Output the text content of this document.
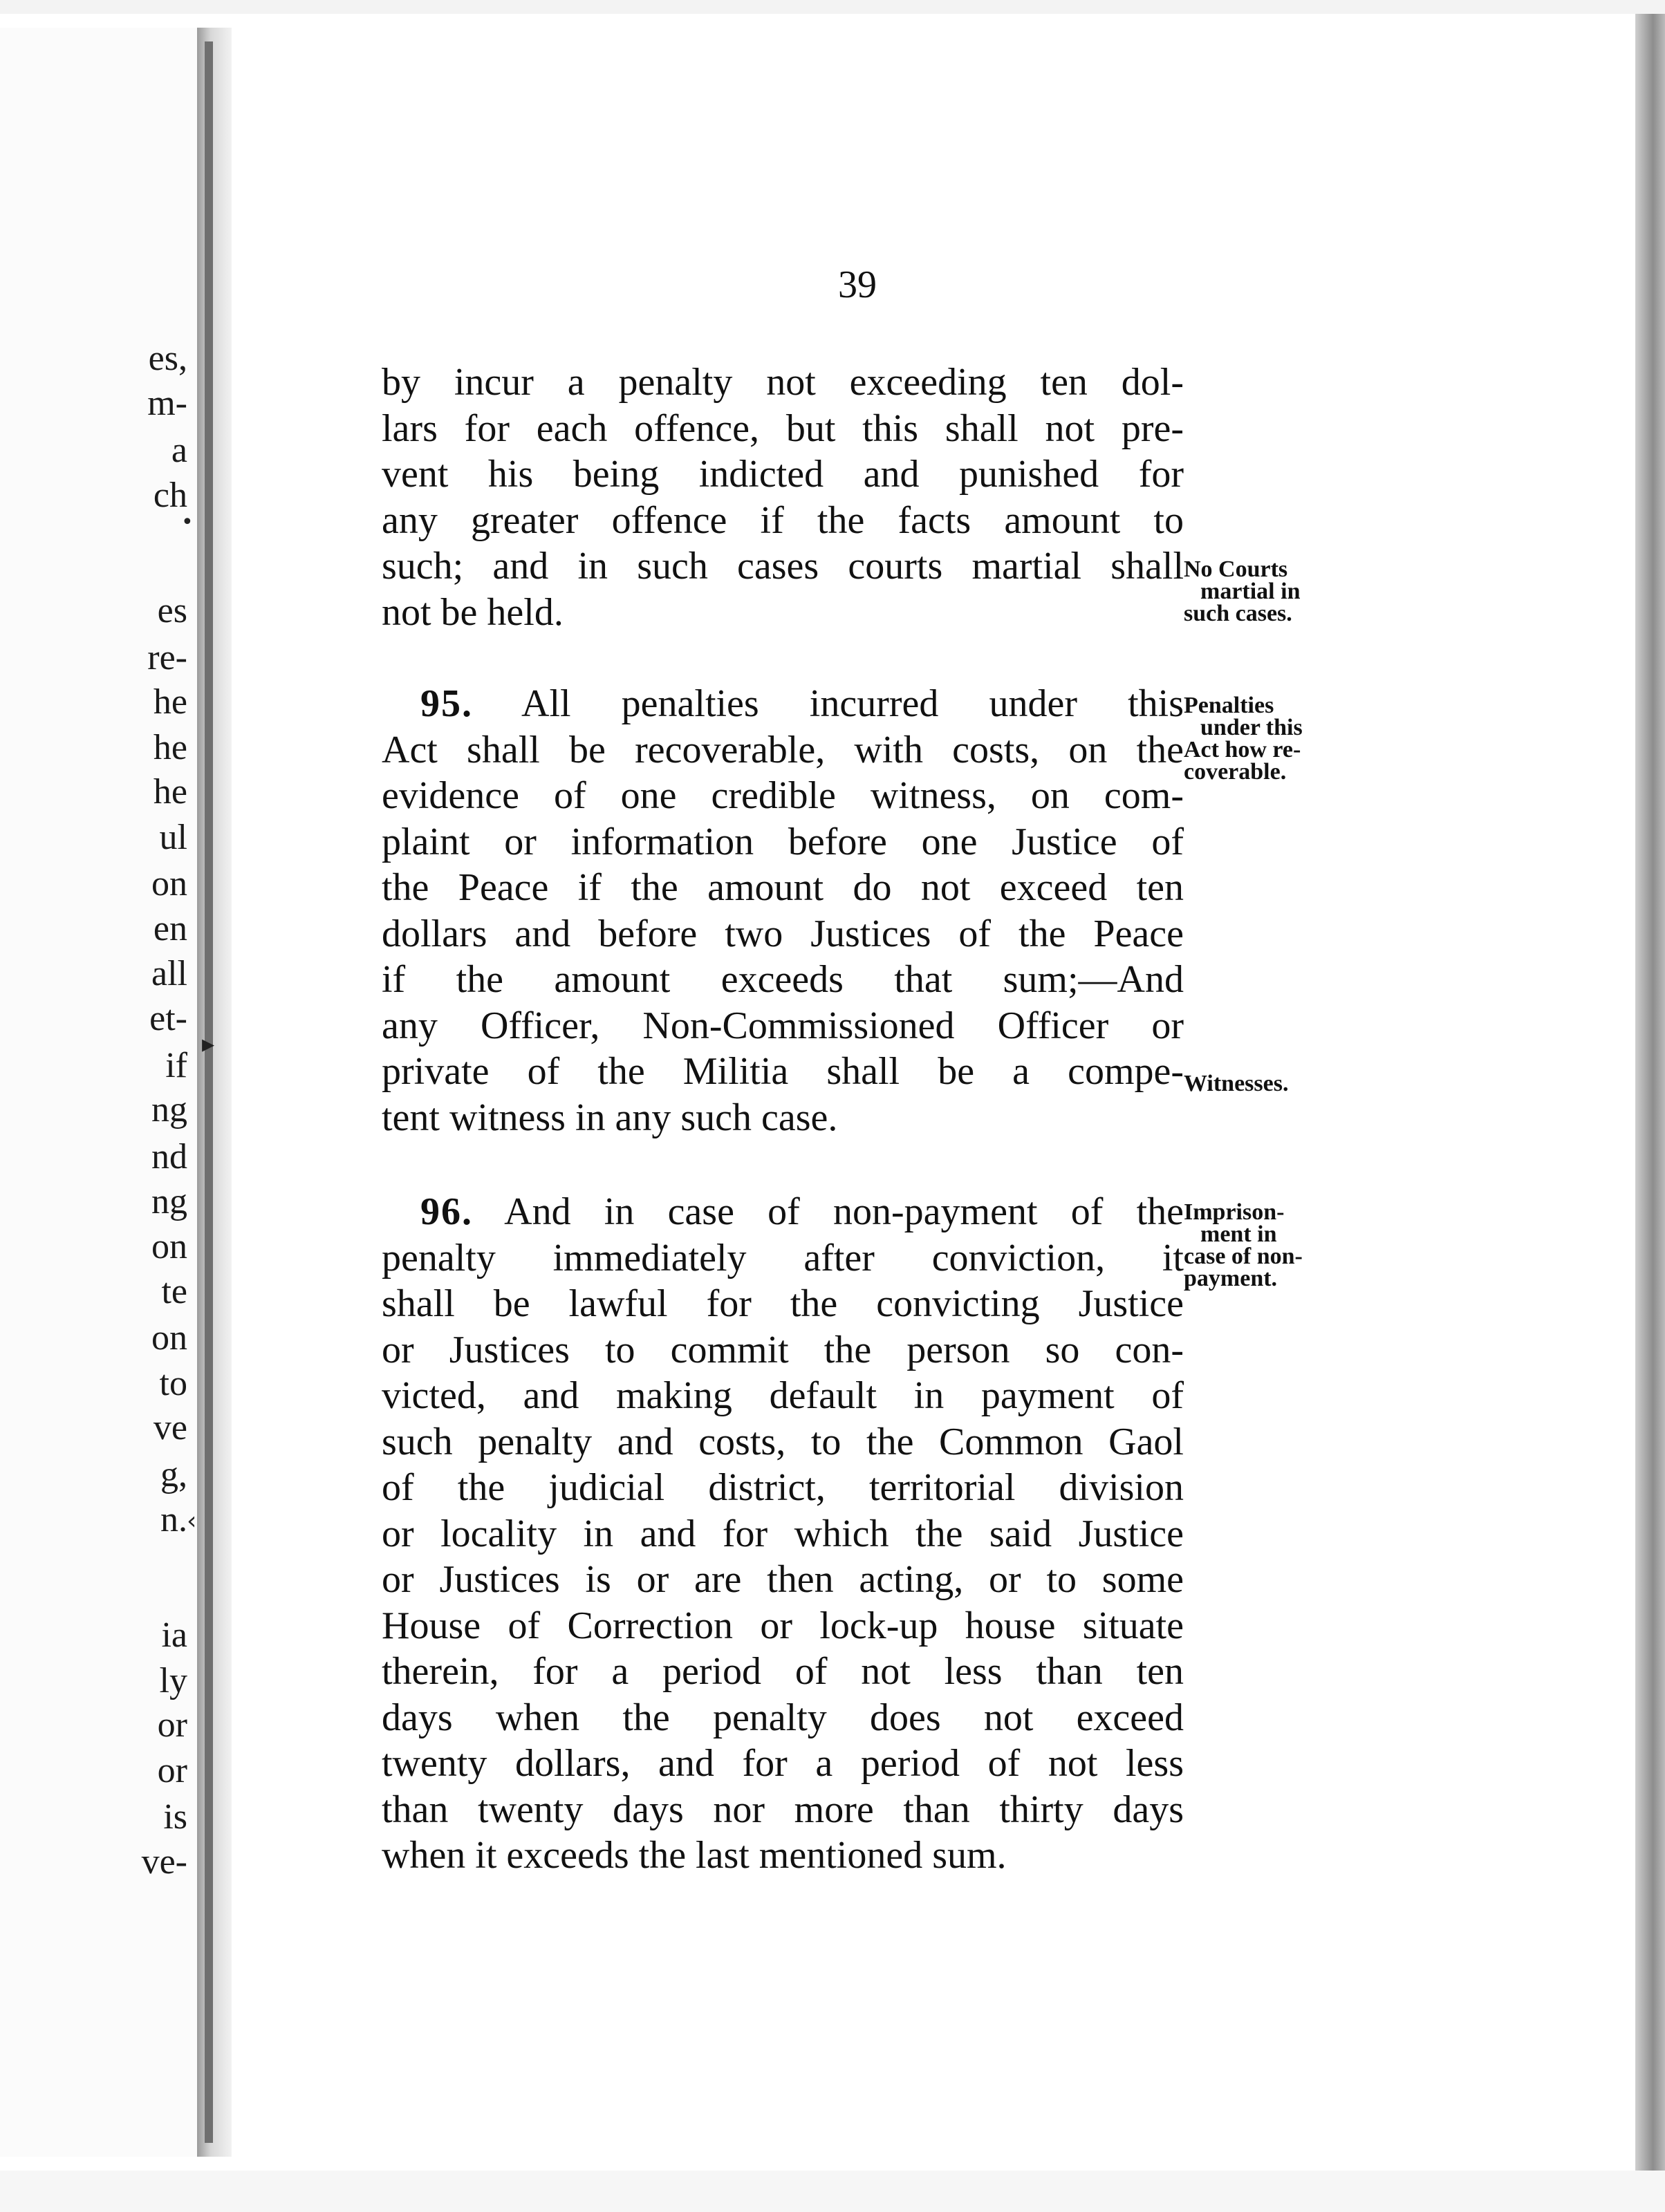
es,
m-
a
ch
es
re-
he
he
he
ul
on
en
all
et-
if
ng
nd
ng
on
te
on
to
ve
g,
n.
ia
ly
or
or
is
ve-
39
by incur a penalty not exceeding ten dol-
lars for each offence, but this shall not pre-
vent his being indicted and punished for
any greater offence if the facts amount to
such; and in such cases courts martial shall
not be held.
No Courts
martial in
such cases.
 95. All penalties incurred under this
Act shall be recoverable, with costs, on the
evidence of one credible witness, on com-
plaint or information before one Justice of
the Peace if the amount do not exceed ten
dollars and before two Justices of the Peace
if the amount exceeds that sum;—And
any Officer, Non-Commissioned Officer or
private of the Militia shall be a compe-
tent witness in any such case.
Penalties
under this
Act how re-
coverable.
Witnesses.
 96. And in case of non-payment of the
penalty immediately after conviction, it
shall be lawful for the convicting Justice
or Justices to commit the person so con-
victed, and making default in payment of
such penalty and costs, to the Common Gaol
of the judicial district, territorial division
or locality in and for which the said Justice
or Justices is or are then acting, or to some
House of Correction or lock-up house situate
therein, for a period of not less than ten
days when the penalty does not exceed
twenty dollars, and for a period of not less
than twenty days nor more than thirty days
when it exceeds the last mentioned sum.
Imprison-
ment in
case of non-
payment.
•
▸
‹
